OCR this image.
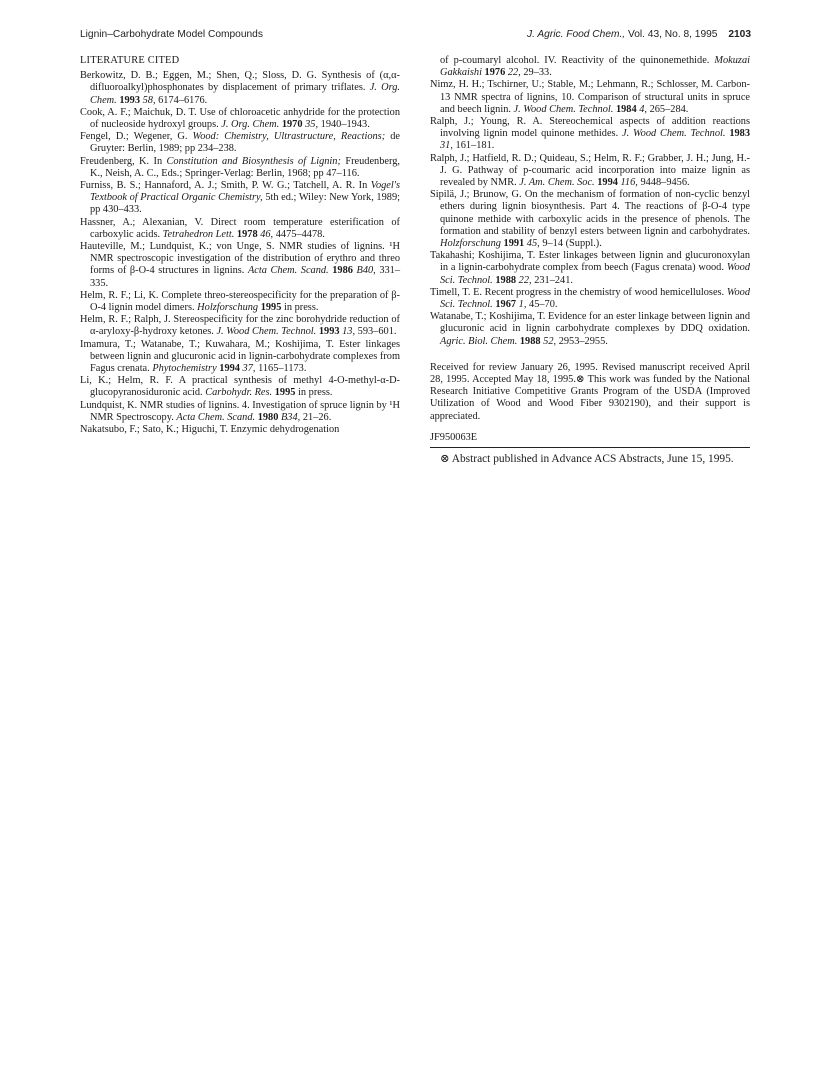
Lignin–Carbohydrate Model Compounds	J. Agric. Food Chem., Vol. 43, No. 8, 1995 2103
LITERATURE CITED
Berkowitz, D. B.; Eggen, M.; Shen, Q.; Sloss, D. G. Synthesis of (α,α-difluoroalkyl)phosphonates by displacement of primary triflates. J. Org. Chem. 1993 58, 6174–6176.
Cook, A. F.; Maichuk, D. T. Use of chloroacetic anhydride for the protection of nucleoside hydroxyl groups. J. Org. Chem. 1970 35, 1940–1943.
Fengel, D.; Wegener, G. Wood: Chemistry, Ultrastructure, Reactions; de Gruyter: Berlin, 1989; pp 234–238.
Freudenberg, K. In Constitution and Biosynthesis of Lignin; Freudenberg, K., Neish, A. C., Eds.; Springer-Verlag: Berlin, 1968; pp 47–116.
Furniss, B. S.; Hannaford, A. J.; Smith, P. W. G.; Tatchell, A. R. In Vogel's Textbook of Practical Organic Chemistry, 5th ed.; Wiley: New York, 1989; pp 430–433.
Hassner, A.; Alexanian, V. Direct room temperature esterification of carboxylic acids. Tetrahedron Lett. 1978 46, 4475–4478.
Hauteville, M.; Lundquist, K.; von Unge, S. NMR studies of lignins. ¹H NMR spectroscopic investigation of the distribution of erythro and threo forms of β-O-4 structures in lignins. Acta Chem. Scand. 1986 B40, 331–335.
Helm, R. F.; Li, K. Complete threo-stereospecificity for the preparation of β-O-4 lignin model dimers. Holzforschung 1995 in press.
Helm, R. F.; Ralph, J. Stereospecificity for the zinc borohydride reduction of α-aryloxy-β-hydroxy ketones. J. Wood Chem. Technol. 1993 13, 593–601.
Imamura, T.; Watanabe, T.; Kuwahara, M.; Koshijima, T. Ester linkages between lignin and glucuronic acid in lignin-carbohydrate complexes from Fagus crenata. Phytochemistry 1994 37, 1165–1173.
Li, K.; Helm, R. F. A practical synthesis of methyl 4-O-methyl-α-D-glucopyranosiduronic acid. Carbohydr. Res. 1995 in press.
Lundquist, K. NMR studies of lignins. 4. Investigation of spruce lignin by ¹H NMR Spectroscopy. Acta Chem. Scand. 1980 B34, 21–26.
Nakatsubo, F.; Sato, K.; Higuchi, T. Enzymic dehydrogenation
of p-coumaryl alcohol. IV. Reactivity of the quinonemethide. Mokuzai Gakkaishi 1976 22, 29–33.
Nimz, H. H.; Tschirner, U.; Stable, M.; Lehmann, R.; Schlosser, M. Carbon-13 NMR spectra of lignins, 10. Comparison of structural units in spruce and beech lignin. J. Wood Chem. Technol. 1984 4, 265–284.
Ralph, J.; Young, R. A. Stereochemical aspects of addition reactions involving lignin model quinone methides. J. Wood Chem. Technol. 1983 31, 161–181.
Ralph, J.; Hatfield, R. D.; Quideau, S.; Helm, R. F.; Grabber, J. H.; Jung, H.-J. G. Pathway of p-coumaric acid incorporation into maize lignin as revealed by NMR. J. Am. Chem. Soc. 1994 116, 9448–9456.
Sipilä, J.; Brunow, G. On the mechanism of formation of non-cyclic benzyl ethers during lignin biosynthesis. Part 4. The reactions of β-O-4 type quinone methide with carboxylic acids in the presence of phenols. The formation and stability of benzyl esters between lignin and carbohydrates. Holzforschung 1991 45, 9–14 (Suppl.).
Takahashi; Koshijima, T. Ester linkages between lignin and glucuronoxylan in a lignin-carbohydrate complex from beech (Fagus crenata) wood. Wood Sci. Technol. 1988 22, 231–241.
Timell, T. E. Recent progress in the chemistry of wood hemicelluloses. Wood Sci. Technol. 1967 1, 45–70.
Watanabe, T.; Koshijima, T. Evidence for an ester linkage between lignin and glucuronic acid in lignin carbohydrate complexes by DDQ oxidation. Agric. Biol. Chem. 1988 52, 2953–2955.
Received for review January 26, 1995. Revised manuscript received April 28, 1995. Accepted May 18, 1995.⊗ This work was funded by the National Research Initiative Competitive Grants Program of the USDA (Improved Utilization of Wood and Wood Fiber 9302190), and their support is appreciated.
JF950063E
⊗ Abstract published in Advance ACS Abstracts, June 15, 1995.
